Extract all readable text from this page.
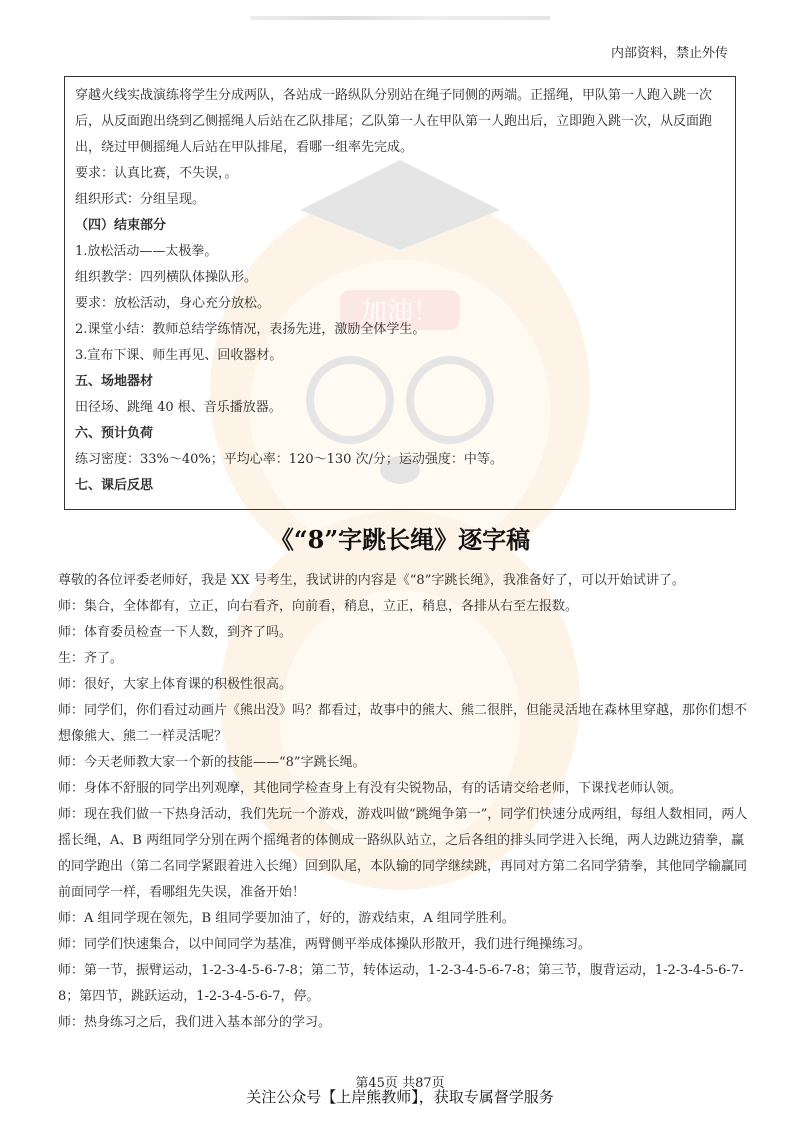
加油！
内部资料，禁止外传

穿越火线实战演练将学生分成两队，各站成一路纵队分别站在绳子同侧的两端。正摇绳，甲队第一人跑入跳一次后，从反面跑出绕到乙侧摇绳人后站在乙队排尾；乙队第一人在甲队第一人跑出后，立即跑入跳一次，从反面跑出，绕过甲侧摇绳人后站在甲队排尾，看哪一组率先完成。

要求：认真比赛，不失误，。

组织形式：分组呈现。

（四）结束部分

1.放松活动——太极拳。

组织教学：四列横队体操队形。

要求：放松活动，身心充分放松。

2.课堂小结：教师总结学练情况，表扬先进，激励全体学生。

3.宣布下课、师生再见、回收器材。

五、场地器材

田径场、跳绳 40 根、音乐播放器。

六、预计负荷

练习密度：33%～40%；平均心率：120～130 次/分；运动强度：中等。

七、课后反思

《“8”字跳长绳》逐字稿

尊敬的各位评委老师好，我是 XX 号考生，我试讲的内容是《“8”字跳长绳》，我准备好了，可以开始试讲了。

师：集合，全体都有，立正，向右看齐，向前看，稍息，立正，稍息，各排从右至左报数。

师：体育委员检查一下人数，到齐了吗。

生：齐了。

师：很好，大家上体育课的积极性很高。

师：同学们，你们看过动画片《熊出没》吗？都看过，故事中的熊大、熊二很胖，但能灵活地在森林里穿越，那你们想不想像熊大、熊二一样灵活呢？

师：今天老师教大家一个新的技能——“8”字跳长绳。

师：身体不舒服的同学出列观摩，其他同学检查身上有没有尖锐物品，有的话请交给老师，下课找老师认领。

师：现在我们做一下热身活动，我们先玩一个游戏，游戏叫做“跳绳争第一”，同学们快速分成两组，每组人数相同，两人摇长绳，A、B 两组同学分别在两个摇绳者的体侧成一路纵队站立，之后各组的排头同学进入长绳，两人边跳边猜拳，赢的同学跑出（第二名同学紧跟着进入长绳）回到队尾，本队输的同学继续跳，再同对方第二名同学猜拳，其他同学输赢同前面同学一样，看哪组先失误，准备开始！

师：A 组同学现在领先，B 组同学要加油了，好的，游戏结束，A 组同学胜利。

师：同学们快速集合，以中间同学为基准，两臂侧平举成体操队形散开，我们进行绳操练习。

师：第一节，振臂运动，1-2-3-4-5-6-7-8；第二节，转体运动，1-2-3-4-5-6-7-8；第三节，腹背运动，1-2-3-4-5-6-7-8；第四节，跳跃运动，1-2-3-4-5-6-7，停。

师：热身练习之后，我们进入基本部分的学习。

第45页 共87页
关注公众号【上岸熊教师】，获取专属督学服务
